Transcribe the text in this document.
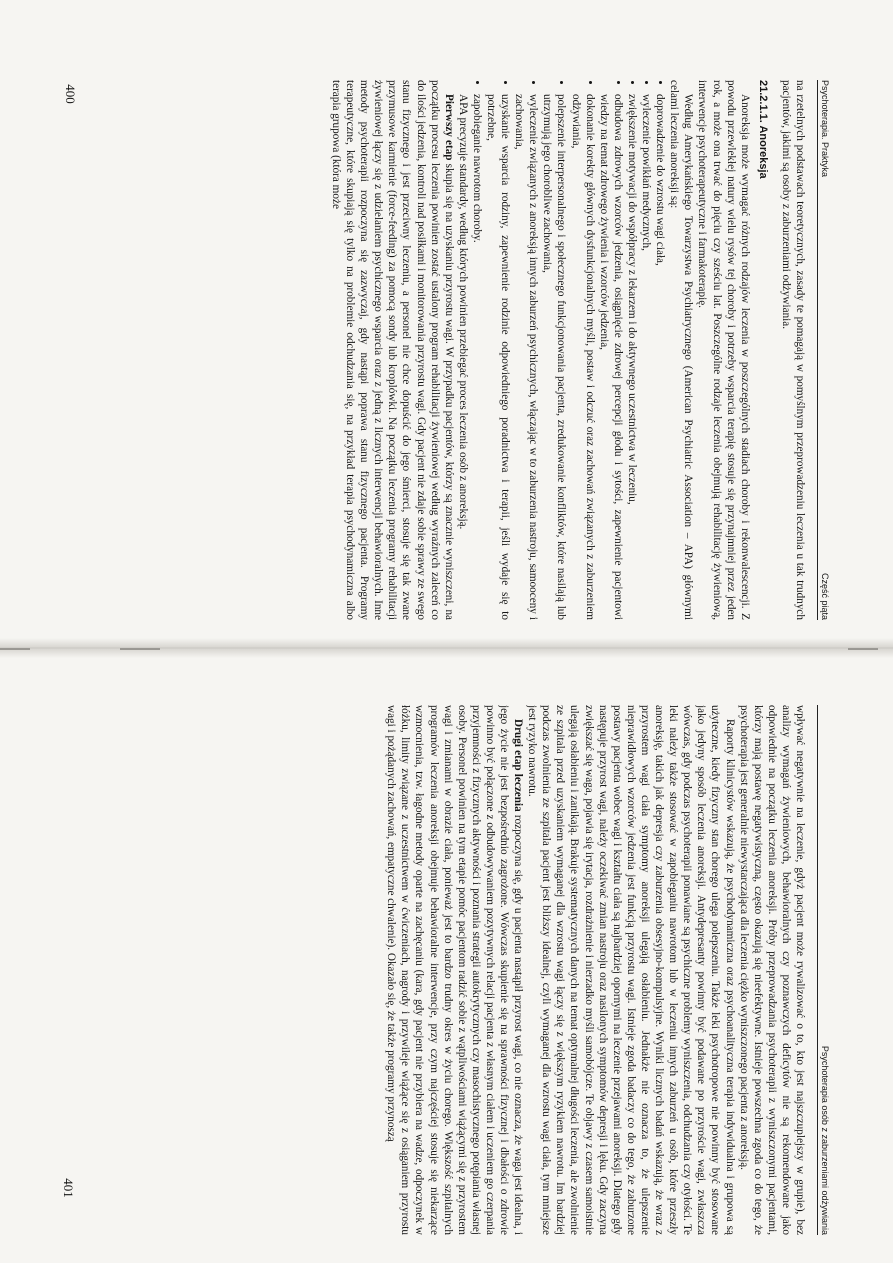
Psychoterapia. Praktyka
Część piąta

na rzetelnych podstawach teoretycznych, zasady te pomagają w pomyślnym przeprowadzeniu leczenia u tak trudnych pacjentów, jakimi są osoby z zaburzeniami odżywiania.

21.2.1.1. Anoreksja

Anoreksja może wymagać różnych rodzajów leczenia w poszczególnych stadiach choroby i rekonwalescencji. Z powodu przewlekłej natury wielu rysów tej choroby i potrzeby wsparcia terapię stosuje się przynajmniej przez jeden rok, a może ona trwać do pięciu czy sześciu lat. Poszczególne rodzaje leczenia obejmują rehabilitację żywieniową, interwencje psychoterapeutyczne i farmakoterapię.

Według Amerykańskiego Towarzystwa Psychiatrycznego (American Psychiatric Association – APA) głównymi celami leczenia anoreksji są:

• doprowadzenie do wzrostu wagi ciała,
• wyleczenie powikłań medycznych,
• zwiększenie motywacji do współpracy z lekarzem i do aktywnego uczestnictwa w leczeniu,
• odbudowa zdrowych wzorców jedzenia, osiągnięcie zdrowej percepcji głodu i sytości, zapewnienie pacjentowi wiedzy na temat zdrowego żywienia i wzorców jedzenia,
• dokonanie korekty głównych dysfunkcjonalnych myśli, postaw i odczuć oraz zachowań związanych z zaburzeniem odżywiania,
• polepszenie interpersonalnego i społecznego funkcjonowania pacjenta, zredukowanie konfliktów, które nasilają lub utrzymują jego chorobliwe zachowania,
• wyleczenie związanych z anoreksją innych zaburzeń psychicznych, włączając w to zaburzenia nastroju, samooceny i zachowania,
• uzyskanie wsparcia rodziny, zapewnienie rodzinie odpowiedniego poradnictwa i terapii, jeśli wydaje się to potrzebne,
• zapobieganie nawrotom choroby.

APA precyzuje standardy, według których powinien przebiegać proces leczenia osób z anoreksją.

Pierwszy etap skupia się na uzyskaniu przyrostu wagi. W przypadku pacjentów, którzy są znacznie wyniszczeni, na początku procesu leczenia powinien zostać ustalony program rehabilitacji żywieniowej według wyraźnych zaleceń co do ilości jedzenia, kontroli nad posiłkami i monitorowania przyrostu wagi. Gdy pacjent nie zdaje sobie sprawy ze swego stanu fizycznego i jest przeciwny leczeniu, a personel nie chce dopuścić do jego śmierci, stosuje się tak zwane przymusowe karmienie (force-feeding) za pomocą sondy lub kroplówki. Na początku leczenia programy rehabilitacji żywieniowej łączy się z udzielaniem psychicznego wsparcia oraz z jedną z licznych interwencji behawioralnych. Inne metody psychoterapii rozpoczyna się zazwyczaj, gdy nastąpi poprawa stanu fizycznego pacjenta. Programy terapeutyczne, które skupiają się tylko na problemie odchudzania się, na przykład terapia psychodynamiczna albo terapia grupowa (która może

400
Psychoterapia osób z zaburzeniami odżywiania

wpływać negatywnie na leczenie, gdyż pacjent może rywalizować o to, kto jest najszczuplejszy w grupie), bez analizy wymagań żywieniowych, behawioralnych czy poznawczych deficytów nie są rekomendowane jako odpowiednie na początku leczenia anoreksji. Próby przeprowadzania psychoterapii z wyniszczonymi pacjentami, którzy mają postawę negatywistyczną, często okazują się nieefektywne. Istnieje powszechna zgoda co do tego, że psychoterapia jest generalnie niewystarczająca dla leczenia ciężko wyniszczonego pacjenta z anoreksją.

Raporty klinicystów wskazują, że psychodynamiczna oraz psychoanalityczna terapia indywidualna i grupowa są użyteczne, kiedy fizyczny stan chorego ulega polepszeniu. Także leki psychotropowe nie powinny być stosowane jako jedyny sposób leczenia anoreksji. Antydepresanty powinny być podawane po przyroście wagi, zwłaszcza wówczas, gdy podczas psychoterapii ponawiane są psychiczne problemy wyniszczenia, odchudzania czy otyłości. Te leki należy także stosować w zapobieganiu nawrotom lub w leczeniu innych zaburzeń u osób, które przeszły anoreksję, takich jak depresja czy zaburzenia obsesyjno-kompulsyjne. Wyniki licznych badań wskazują, że wraz z przyrostem wagi ciała symptomy anoreksji ulegają osłabieniu. Jednakże nie oznacza to, że ulepszenie nieprawidłowych wzorców jedzenia jest funkcją przyrostu wagi. Istnieje zgoda badaczy co do tego, że zaburzone postawy pacjenta wobec wagi i kształtu ciała są najbardziej opornymi na leczenie przejawami anoreksji. Dlatego gdy następuje przyrost wagi, należy oczekiwać zmian nastroju oraz nasilonych symptomów depresji i lęku. Gdy zaczyna zwiększać się waga, pojawia się irytacja, rozdrażnienie i nierzadko myśli samobójcze. Te objawy z czasem samoistnie ulegają osłabieniu i zanikają. Brakuje systematycznych danych na temat optymalnej długości leczenia, ale zwolnienie ze szpitala przed uzyskaniem wymaganej dla wzrostu wagi łączy się z większym ryzykiem nawrotu. Im bardziej podczas zwolnienia ze szpitala pacjent jest bliższy idealnej, czyli wymaganej dla wzrostu wagi ciała, tym mniejsze jest ryzyko nawrotu.

Drugi etap leczenia rozpoczyna się, gdy u pacjenta nastąpił przyrost wagi, co nie oznacza, że waga jest idealna, i jego życie nie jest bezpośrednio zagrożone. Wówczas skupienie się na sprawności fizycznej i dbałości o zdrowie powinno być połączone z odbudowywaniem pozytywnych relacji pacjenta z własnym ciałem i uczeniem go czerpania przyjemności z fizycznych aktywności i poznania strategii autokrytycznych czy masochistycznego potępiania własnej osoby. Personel powinien na tym etapie pomóc pacjentom radzić sobie z wątpliwościami wiążącymi się z przyrostem wagi i zmianami w obrazie ciała, ponieważ jest to bardzo trudny okres w życiu chorego. Większość szpitalnych programów leczenia anoreksji obejmuje behawioralne interwencje, przy czym najczęściej stosuje się niekarzące wzmocnienia, tzw. łagodne metody oparte na zachęcaniu (kara, gdy pacjent nie przybiera na wadze, odpoczynek w łóżku, limity związane z uczestnictwem w ćwiczeniach, nagrody i przywileje wiążące się z osiąganiem przyrostu wagi i pożądanych zachowań, empatyczne chwalenie). Okazało się, że także programy przynoszą

401
